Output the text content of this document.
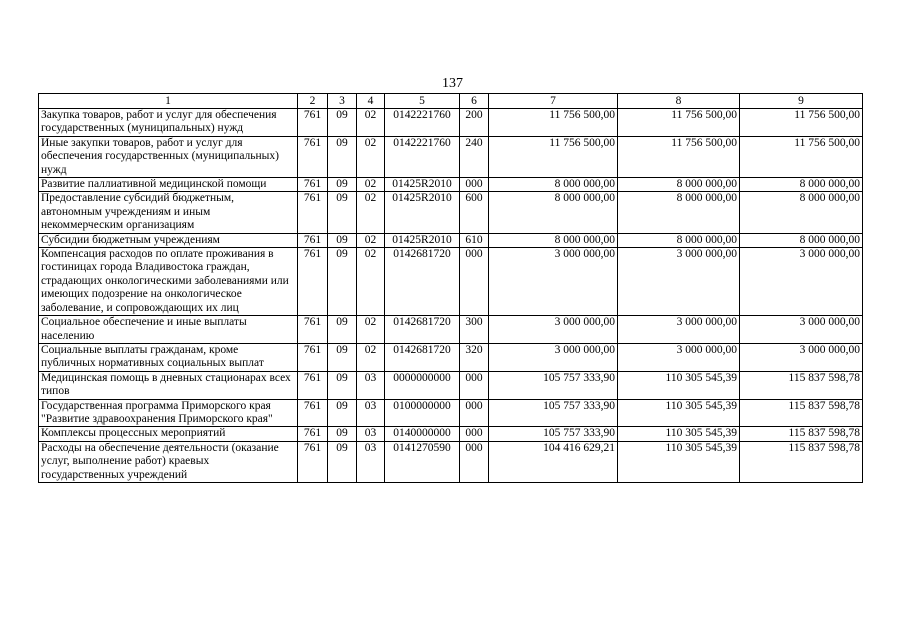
137
1	2	3	4	5	6	7	8	9
Закупка товаров, работ и услуг для обеспечения государственных (муниципальных) нужд	761	09	02	0142221760	200	11 756 500,00	11 756 500,00	11 756 500,00
Иные закупки товаров, работ и услуг для обеспечения государственных (муниципальных) нужд	761	09	02	0142221760	240	11 756 500,00	11 756 500,00	11 756 500,00
Развитие паллиативной медицинской помощи	761	09	02	01425R2010	000	8 000 000,00	8 000 000,00	8 000 000,00
Предоставление субсидий бюджетным, автономным учреждениям и иным некоммерческим организациям	761	09	02	01425R2010	600	8 000 000,00	8 000 000,00	8 000 000,00
Субсидии бюджетным учреждениям	761	09	02	01425R2010	610	8 000 000,00	8 000 000,00	8 000 000,00
Компенсация расходов по оплате проживания в гостиницах города Владивостока граждан, страдающих онкологическими заболеваниями или имеющих подозрение на онкологическое заболевание, и сопровождающих их лиц	761	09	02	0142681720	000	3 000 000,00	3 000 000,00	3 000 000,00
Социальное обеспечение и иные выплаты населению	761	09	02	0142681720	300	3 000 000,00	3 000 000,00	3 000 000,00
Социальные выплаты гражданам, кроме публичных нормативных социальных выплат	761	09	02	0142681720	320	3 000 000,00	3 000 000,00	3 000 000,00
Медицинская помощь в дневных стационарах всех типов	761	09	03	0000000000	000	105 757 333,90	110 305 545,39	115 837 598,78
Государственная программа Приморского края "Развитие здравоохранения Приморского края"	761	09	03	0100000000	000	105 757 333,90	110 305 545,39	115 837 598,78
Комплексы процессных мероприятий	761	09	03	0140000000	000	105 757 333,90	110 305 545,39	115 837 598,78
Расходы на обеспечение деятельности (оказание услуг, выполнение работ) краевых государственных учреждений	761	09	03	0141270590	000	104 416 629,21	110 305 545,39	115 837 598,78
